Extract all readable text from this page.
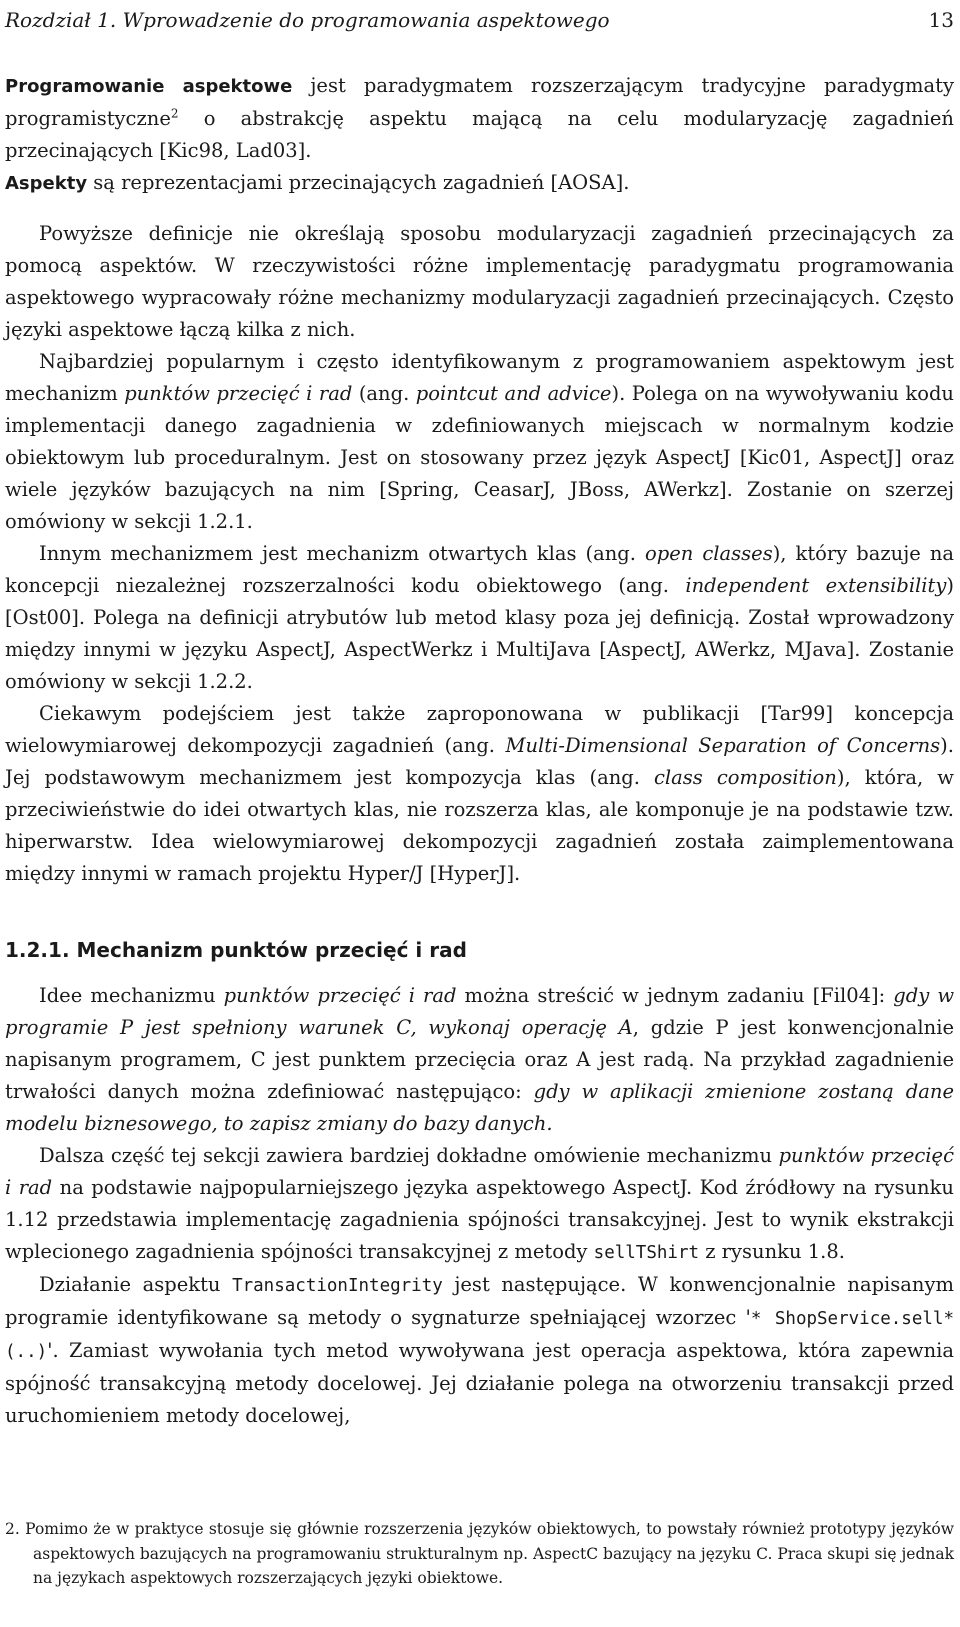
Rozdział 1. Wprowadzenie do programowania aspektowego	13

Programowanie aspektowe jest paradygmatem rozszerzającym tradycyjne paradygmaty programistyczne$^2$ o abstrakcję aspektu mającą na celu modularyzację zagadnień przecinających [Kic98, Lad03].

Aspekty są reprezentacjami przecinających zagadnień [AOSA].

Powyższe definicje nie określają sposobu modularyzacji zagadnień przecinających za pomocą aspektów. W rzeczywistości różne implementację paradygmatu programowania aspektowego wypracowały różne mechanizmy modularyzacji zagadnień przecinających. Często języki aspektowe łączą kilka z nich.

Najbardziej popularnym i często identyfikowanym z programowaniem aspektowym jest mechanizm punktów przecięć i rad (ang. pointcut and advice). Polega on na wywoływaniu kodu implementacji danego zagadnienia w zdefiniowanych miejscach w normalnym kodzie obiektowym lub proceduralnym. Jest on stosowany przez język AspectJ [Kic01, AspectJ] oraz wiele języków bazujących na nim [Spring, CeasarJ, JBoss, AWerkz]. Zostanie on szerzej omówiony w sekcji 1.2.1.

Innym mechanizmem jest mechanizm otwartych klas (ang. open classes), który bazuje na koncepcji niezależnej rozszerzalności kodu obiektowego (ang. independent extensibility) [Ost00]. Polega na definicji atrybutów lub metod klasy poza jej definicją. Został wprowadzony między innymi w języku AspectJ, AspectWerkz i MultiJava [AspectJ, AWerkz, MJava]. Zostanie omówiony w sekcji 1.2.2.

Ciekawym podejściem jest także zaproponowana w publikacji [Tar99] koncepcja wielowymiarowej dekompozycji zagadnień (ang. Multi-Dimensional Separation of Concerns). Jej podstawowym mechanizmem jest kompozycja klas (ang. class composition), która, w przeciwieństwie do idei otwartych klas, nie rozszerza klas, ale komponuje je na podstawie tzw. hiperwarstw. Idea wielowymiarowej dekompozycji zagadnień została zaimplementowana między innymi w ramach projektu Hyper/J [HyperJ].

1.2.1. Mechanizm punktów przecięć i rad

Idee mechanizmu punktów przecięć i rad można streścić w jednym zadaniu [Fil04]: gdy w programie P jest spełniony warunek C, wykonaj operację A, gdzie P jest konwencjonalnie napisanym programem, C jest punktem przecięcia oraz A jest radą. Na przykład zagadnienie trwałości danych można zdefiniować następująco: gdy w aplikacji zmienione zostaną dane modelu biznesowego, to zapisz zmiany do bazy danych.

Dalsza część tej sekcji zawiera bardziej dokładne omówienie mechanizmu punktów przecięć i rad na podstawie najpopularniejszego języka aspektowego AspectJ. Kod źródłowy na rysunku 1.12 przedstawia implementację zagadnienia spójności transakcyjnej. Jest to wynik ekstrakcji wplecionego zagadnienia spójności transakcyjnej z metody sellTShirt z rysunku 1.8.

Działanie aspektu TransactionIntegrity jest następujące. W konwencjonalnie napisanym programie identyfikowane są metody o sygnaturze spełniającej wzorzec '* ShopService.sell*(..)'. Zamiast wywołania tych metod wywoływana jest operacja aspektowa, która zapewnia spójność transakcyjną metody docelowej. Jej działanie polega na otworzeniu transakcji przed uruchomieniem metody docelowej,

2. Pomimo że w praktyce stosuje się głównie rozszerzenia języków obiektowych, to powstały również prototypy języków aspektowych bazujących na programowaniu strukturalnym np. AspectC bazujący na języku C. Praca skupi się jednak na językach aspektowych rozszerzających języki obiektowe.
